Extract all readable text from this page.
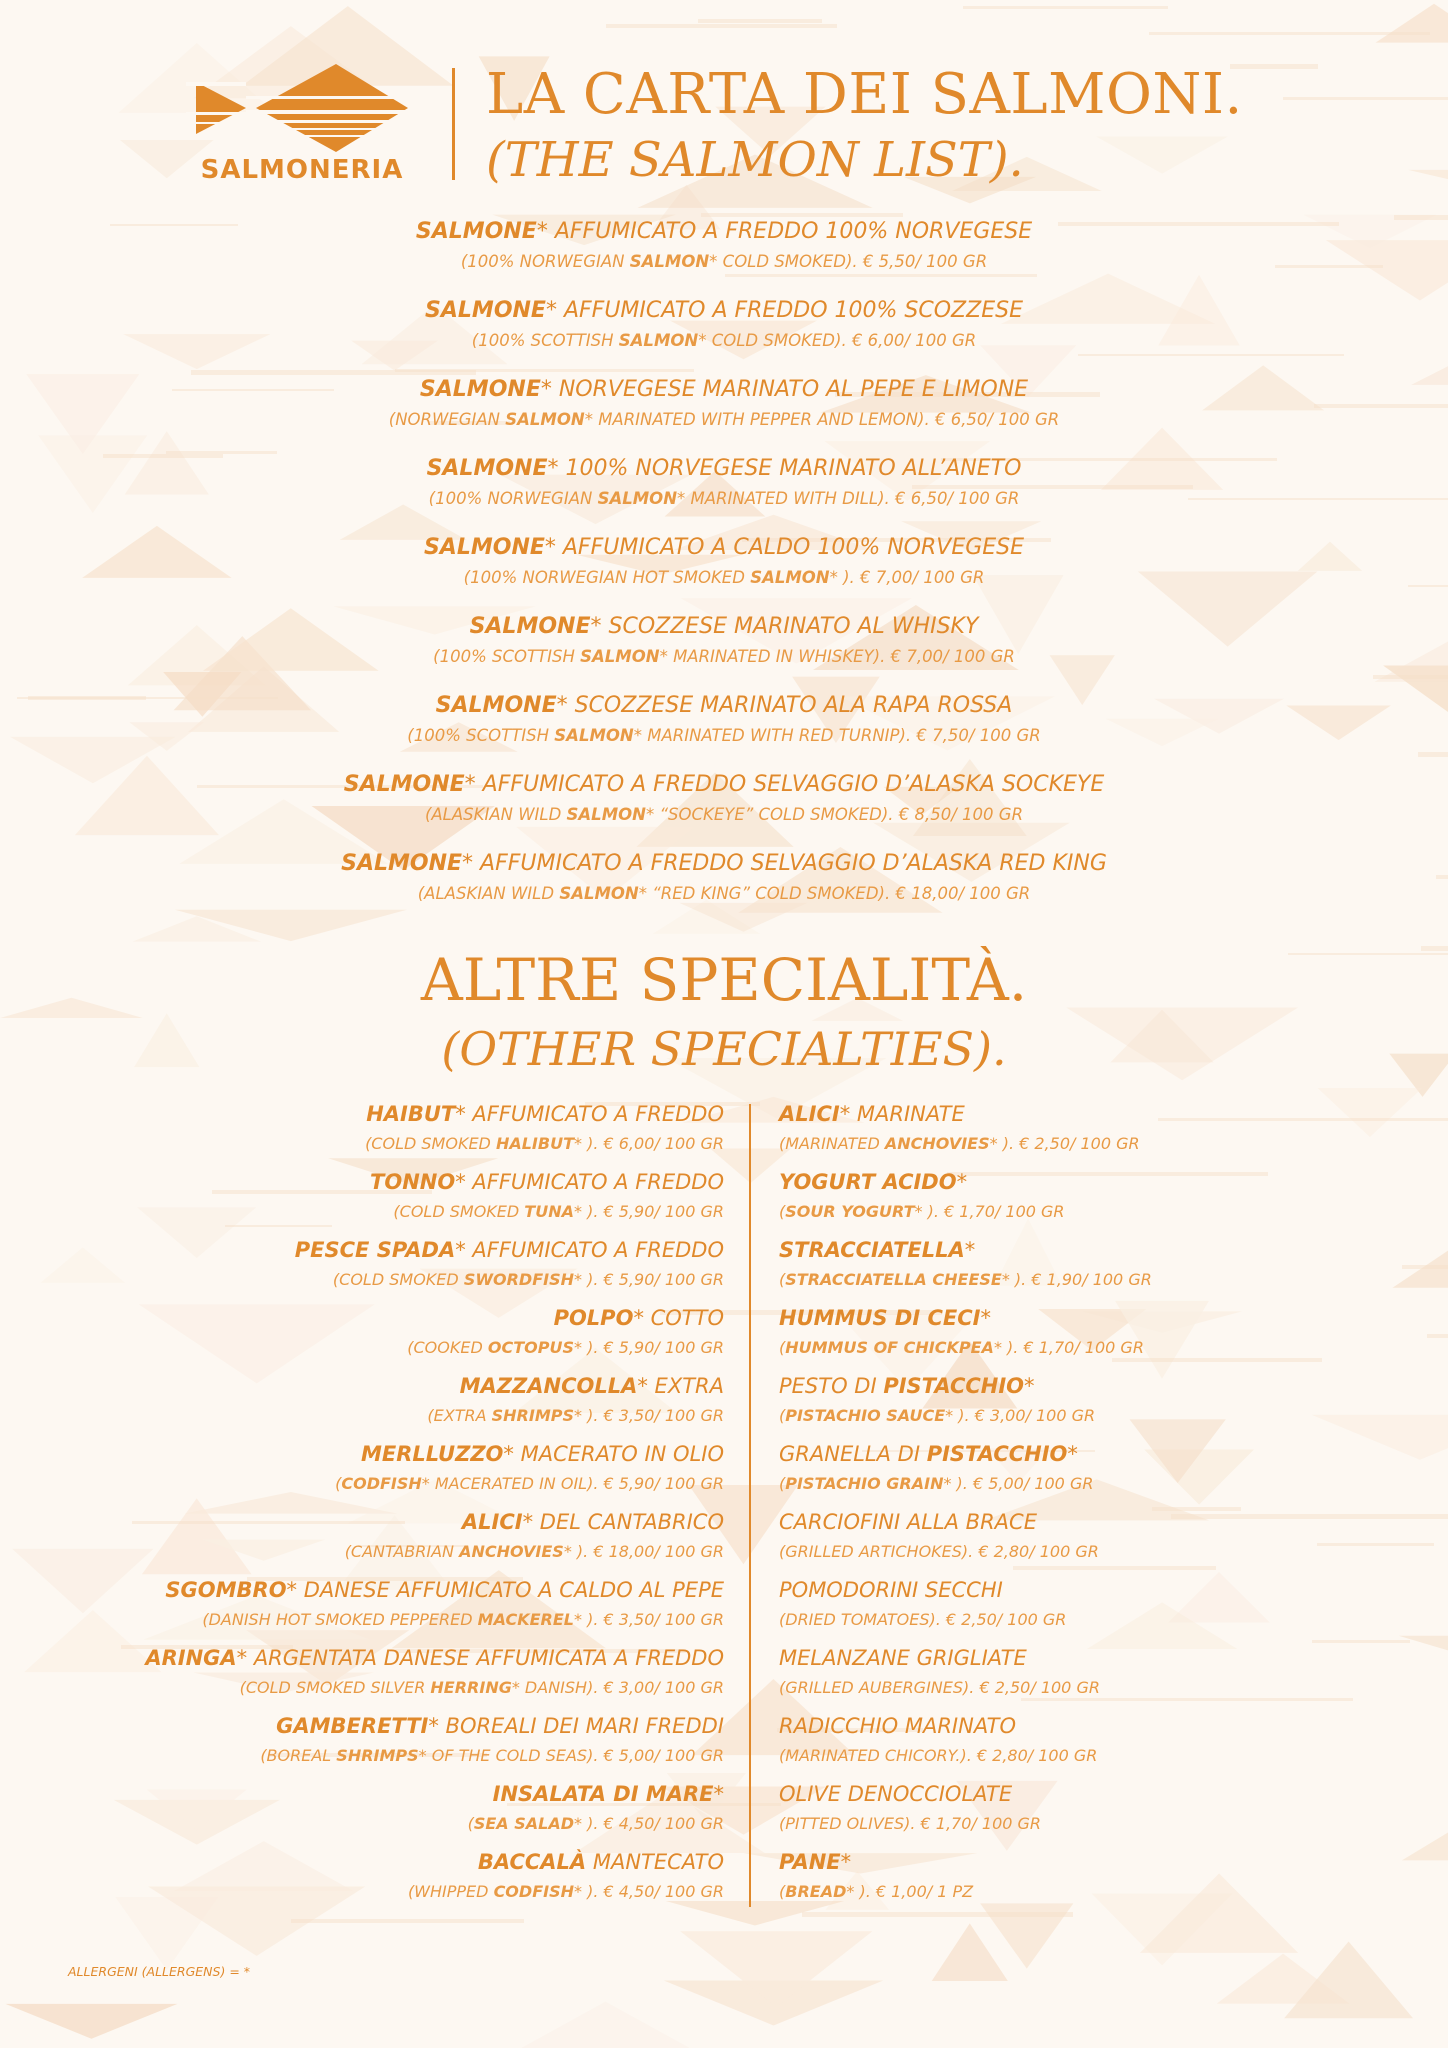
SALMONERIA
LA CARTA DEI SALMONI.
(THE SALMON LIST).
SALMONE* AFFUMICATO A FREDDO 100% NORVEGESE
(100% NORWEGIAN SALMON* COLD SMOKED). € 5,50/ 100 GR
SALMONE* AFFUMICATO A FREDDO 100% SCOZZESE
(100% SCOTTISH SALMON* COLD SMOKED). € 6,00/ 100 GR
SALMONE* NORVEGESE MARINATO AL PEPE E LIMONE
(NORWEGIAN SALMON* MARINATED WITH PEPPER AND LEMON). € 6,50/ 100 GR
SALMONE* 100% NORVEGESE MARINATO ALL’ANETO
(100% NORWEGIAN SALMON* MARINATED WITH DILL). € 6,50/ 100 GR
SALMONE* AFFUMICATO A CALDO 100% NORVEGESE
(100% NORWEGIAN HOT SMOKED SALMON* ). € 7,00/ 100 GR
SALMONE* SCOZZESE MARINATO AL WHISKY
(100% SCOTTISH SALMON* MARINATED IN WHISKEY). € 7,00/ 100 GR
SALMONE* SCOZZESE MARINATO ALA RAPA ROSSA
(100% SCOTTISH SALMON* MARINATED WITH RED TURNIP). € 7,50/ 100 GR
SALMONE* AFFUMICATO A FREDDO SELVAGGIO D’ALASKA SOCKEYE
(ALASKIAN WILD SALMON* “SOCKEYE” COLD SMOKED). € 8,50/ 100 GR
SALMONE* AFFUMICATO A FREDDO SELVAGGIO D’ALASKA RED KING
(ALASKIAN WILD SALMON* “RED KING” COLD SMOKED). € 18,00/ 100 GR
ALTRE SPECIALITÀ.
(OTHER SPECIALTIES).
HAIBUT* AFFUMICATO A FREDDO
(COLD SMOKED HALIBUT* ). € 6,00/ 100 GR
TONNO* AFFUMICATO A FREDDO
(COLD SMOKED TUNA* ). € 5,90/ 100 GR
PESCE SPADA* AFFUMICATO A FREDDO
(COLD SMOKED SWORDFISH* ). € 5,90/ 100 GR
POLPO* COTTO
(COOKED OCTOPUS* ). € 5,90/ 100 GR
MAZZANCOLLA* EXTRA
(EXTRA SHRIMPS* ). € 3,50/ 100 GR
MERLLUZZO* MACERATO IN OLIO
(CODFISH* MACERATED IN OIL). € 5,90/ 100 GR
ALICI* DEL CANTABRICO
(CANTABRIAN ANCHOVIES* ). € 18,00/ 100 GR
SGOMBRO* DANESE AFFUMICATO A CALDO AL PEPE
(DANISH HOT SMOKED PEPPERED MACKEREL* ). € 3,50/ 100 GR
ARINGA* ARGENTATA DANESE AFFUMICATA A FREDDO
(COLD SMOKED SILVER HERRING* DANISH). € 3,00/ 100 GR
GAMBERETTI* BOREALI DEI MARI FREDDI
(BOREAL SHRIMPS* OF THE COLD SEAS). € 5,00/ 100 GR
INSALATA DI MARE*
(SEA SALAD* ). € 4,50/ 100 GR
BACCALÀ MANTECATO
(WHIPPED CODFISH* ). € 4,50/ 100 GR
ALICI* MARINATE
(MARINATED ANCHOVIES* ). € 2,50/ 100 GR
YOGURT ACIDO*
(SOUR YOGURT* ). € 1,70/ 100 GR
STRACCIATELLA*
(STRACCIATELLA CHEESE* ). € 1,90/ 100 GR
HUMMUS DI CECI*
(HUMMUS OF CHICKPEA* ). € 1,70/ 100 GR
PESTO DI PISTACCHIO*
(PISTACHIO SAUCE* ). € 3,00/ 100 GR
GRANELLA DI PISTACCHIO*
(PISTACHIO GRAIN* ). € 5,00/ 100 GR
CARCIOFINI ALLA BRACE
(GRILLED ARTICHOKES). € 2,80/ 100 GR
POMODORINI SECCHI
(DRIED TOMATOES). € 2,50/ 100 GR
MELANZANE GRIGLIATE
(GRILLED AUBERGINES). € 2,50/ 100 GR
RADICCHIO MARINATO
(MARINATED CHICORY.). € 2,80/ 100 GR
OLIVE DENOCCIOLATE
(PITTED OLIVES). € 1,70/ 100 GR
PANE*
(BREAD* ). € 1,00/ 1 PZ
ALLERGENI (ALLERGENS) = *
